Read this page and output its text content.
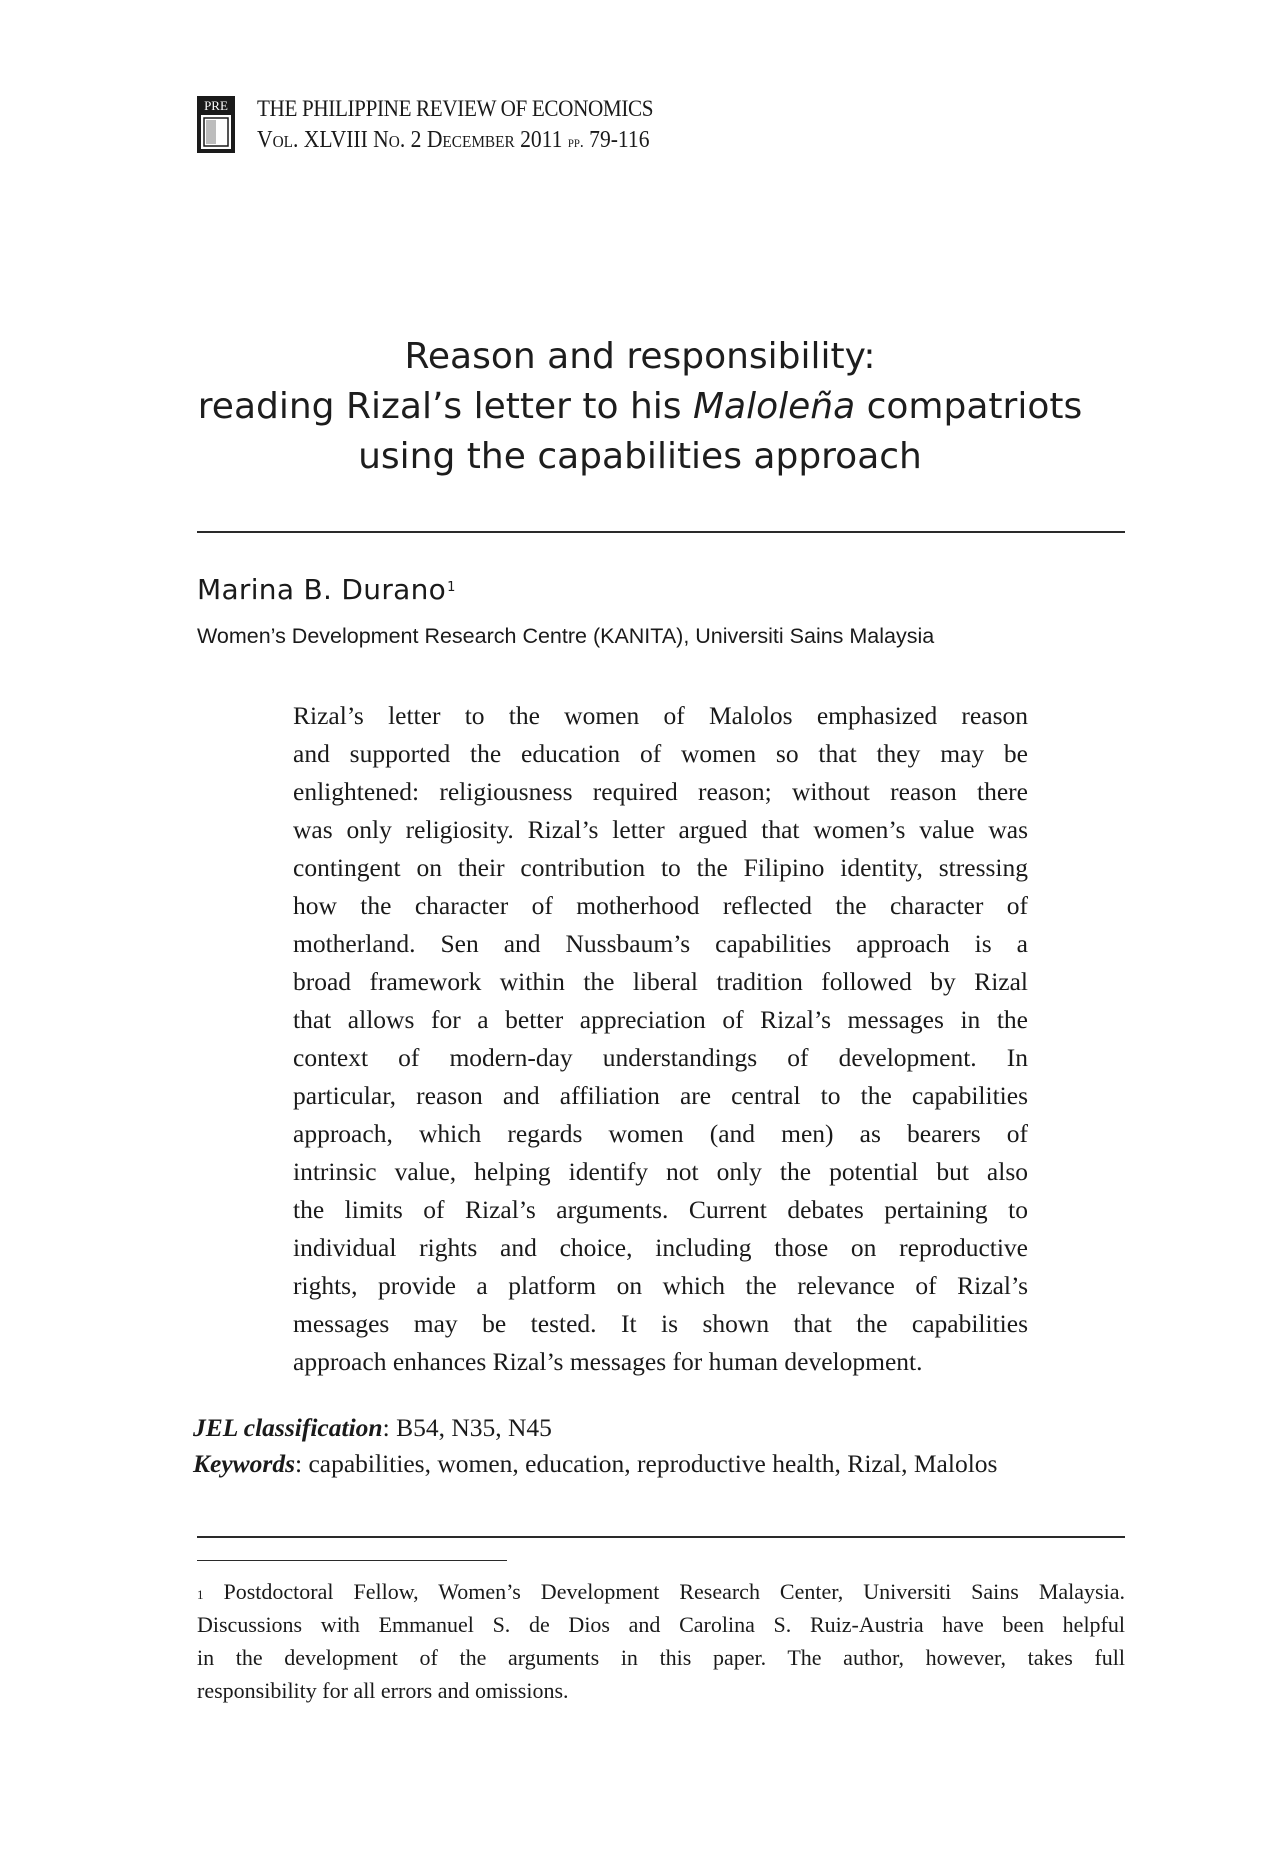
PRE THE PHILIPPINE REVIEW OF ECONOMICS
Vol. XLVIII No. 2 December 2011 pp. 79-116
Reason and responsibility:
reading Rizal’s letter to his Maloleña compatriots
using the capabilities approach
Marina B. Durano$^1$
Women’s Development Research Centre (KANITA), Universiti Sains Malaysia
Rizal’s letter to the women of Malolos emphasized reason
and supported the education of women so that they may be
enlightened: religiousness required reason; without reason there
was only religiosity. Rizal’s letter argued that women’s value was
contingent on their contribution to the Filipino identity, stressing
how the character of motherhood reflected the character of
motherland. Sen and Nussbaum’s capabilities approach is a
broad framework within the liberal tradition followed by Rizal
that allows for a better appreciation of Rizal’s messages in the
context of modern-day understandings of development. In
particular, reason and affiliation are central to the capabilities
approach, which regards women (and men) as bearers of
intrinsic value, helping identify not only the potential but also
the limits of Rizal’s arguments. Current debates pertaining to
individual rights and choice, including those on reproductive
rights, provide a platform on which the relevance of Rizal’s
messages may be tested. It is shown that the capabilities
approach enhances Rizal’s messages for human development.
JEL classification: B54, N35, N45
Keywords: capabilities, women, education, reproductive health, Rizal, Malolos
$^1$ Postdoctoral Fellow, Women’s Development Research Center, Universiti Sains Malaysia.
Discussions with Emmanuel S. de Dios and Carolina S. Ruiz-Austria have been helpful
in the development of the arguments in this paper. The author, however, takes full
responsibility for all errors and omissions.
